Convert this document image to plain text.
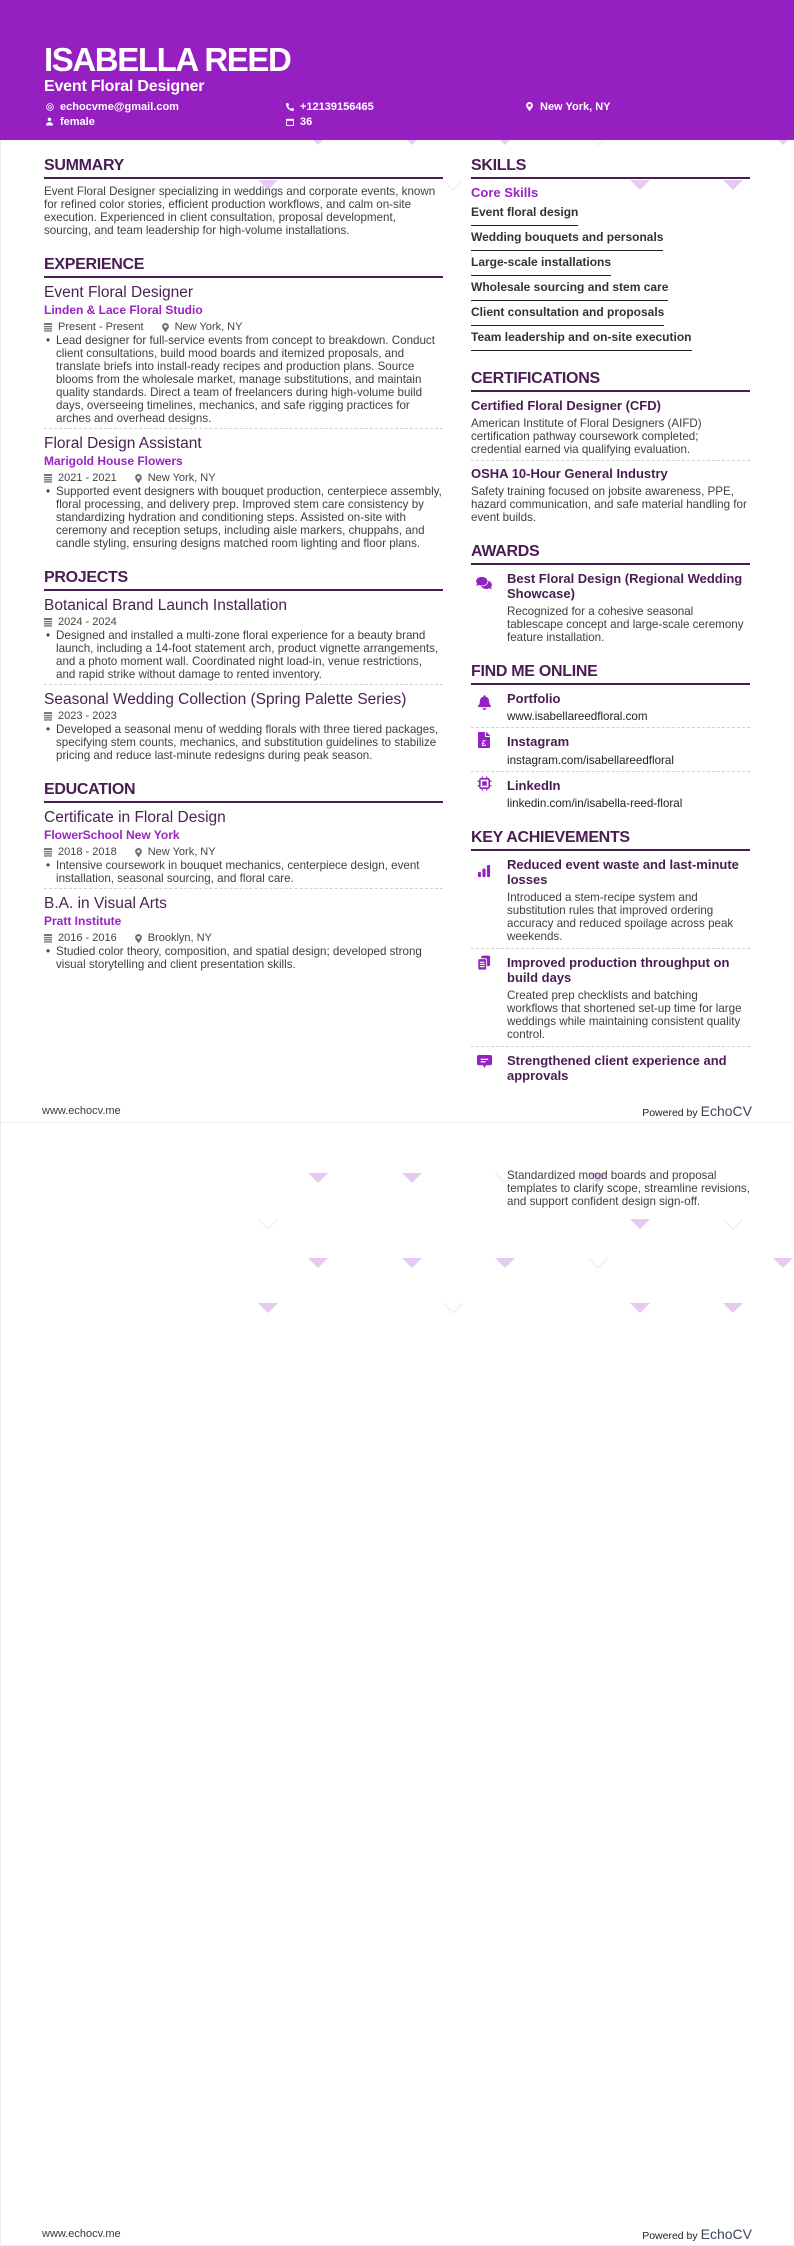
ISABELLA REED
Event Floral Designer
echocvme@gmail.com	+12139156465	New York, NY
female	36
SUMMARY
Event Floral Designer specializing in weddings and corporate events, known for refined color stories, efficient production workflows, and calm on-site execution. Experienced in client consultation, proposal development, sourcing, and team leadership for high-volume installations.
EXPERIENCE
Event Floral Designer
Linden & Lace Floral Studio
Present - Present	New York, NY
• Lead designer for full-service events from concept to breakdown. Conduct client consultations, build mood boards and itemized proposals, and translate briefs into install-ready recipes and production plans. Source blooms from the wholesale market, manage substitutions, and maintain quality standards. Direct a team of freelancers during high-volume build days, overseeing timelines, mechanics, and safe rigging practices for arches and overhead designs.
Floral Design Assistant
Marigold House Flowers
2021 - 2021	New York, NY
• Supported event designers with bouquet production, centerpiece assembly, floral processing, and delivery prep. Improved stem care consistency by standardizing hydration and conditioning steps. Assisted on-site with ceremony and reception setups, including aisle markers, chuppahs, and candle styling, ensuring designs matched room lighting and floor plans.
PROJECTS
Botanical Brand Launch Installation
2024 - 2024
• Designed and installed a multi-zone floral experience for a beauty brand launch, including a 14-foot statement arch, product vignette arrangements, and a photo moment wall. Coordinated night load-in, venue restrictions, and rapid strike without damage to rented inventory.
Seasonal Wedding Collection (Spring Palette Series)
2023 - 2023
• Developed a seasonal menu of wedding florals with three tiered packages, specifying stem counts, mechanics, and substitution guidelines to stabilize pricing and reduce last-minute redesigns during peak season.
EDUCATION
Certificate in Floral Design
FlowerSchool New York
2018 - 2018	New York, NY
• Intensive coursework in bouquet mechanics, centerpiece design, event installation, seasonal sourcing, and floral care.
B.A. in Visual Arts
Pratt Institute
2016 - 2016	Brooklyn, NY
• Studied color theory, composition, and spatial design; developed strong visual storytelling and client presentation skills.
SKILLS
Core Skills
Event floral design
Wedding bouquets and personals
Large-scale installations
Wholesale sourcing and stem care
Client consultation and proposals
Team leadership and on-site execution
CERTIFICATIONS
Certified Floral Designer (CFD)
American Institute of Floral Designers (AIFD) certification pathway coursework completed; credential earned via qualifying evaluation.
OSHA 10-Hour General Industry
Safety training focused on jobsite awareness, PPE, hazard communication, and safe material handling for event builds.
AWARDS
Best Floral Design (Regional Wedding Showcase)
Recognized for a cohesive seasonal tablescape concept and large-scale ceremony feature installation.
FIND ME ONLINE
Portfolio
www.isabellareedfloral.com
£ Instagram
instagram.com/isabellareedfloral
LinkedIn
linkedin.com/in/isabella-reed-floral
KEY ACHIEVEMENTS
Reduced event waste and last-minute losses
Introduced a stem-recipe system and substitution rules that improved ordering accuracy and reduced spoilage across peak weekends.
Improved production throughput on build days
Created prep checklists and batching workflows that shortened set-up time for large weddings while maintaining consistent quality control.
Strengthened client experience and approvals
www.echocv.me	Powered by EchoCV
Standardized mood boards and proposal templates to clarify scope, streamline revisions, and support confident design sign-off.
www.echocv.me	Powered by EchoCV
